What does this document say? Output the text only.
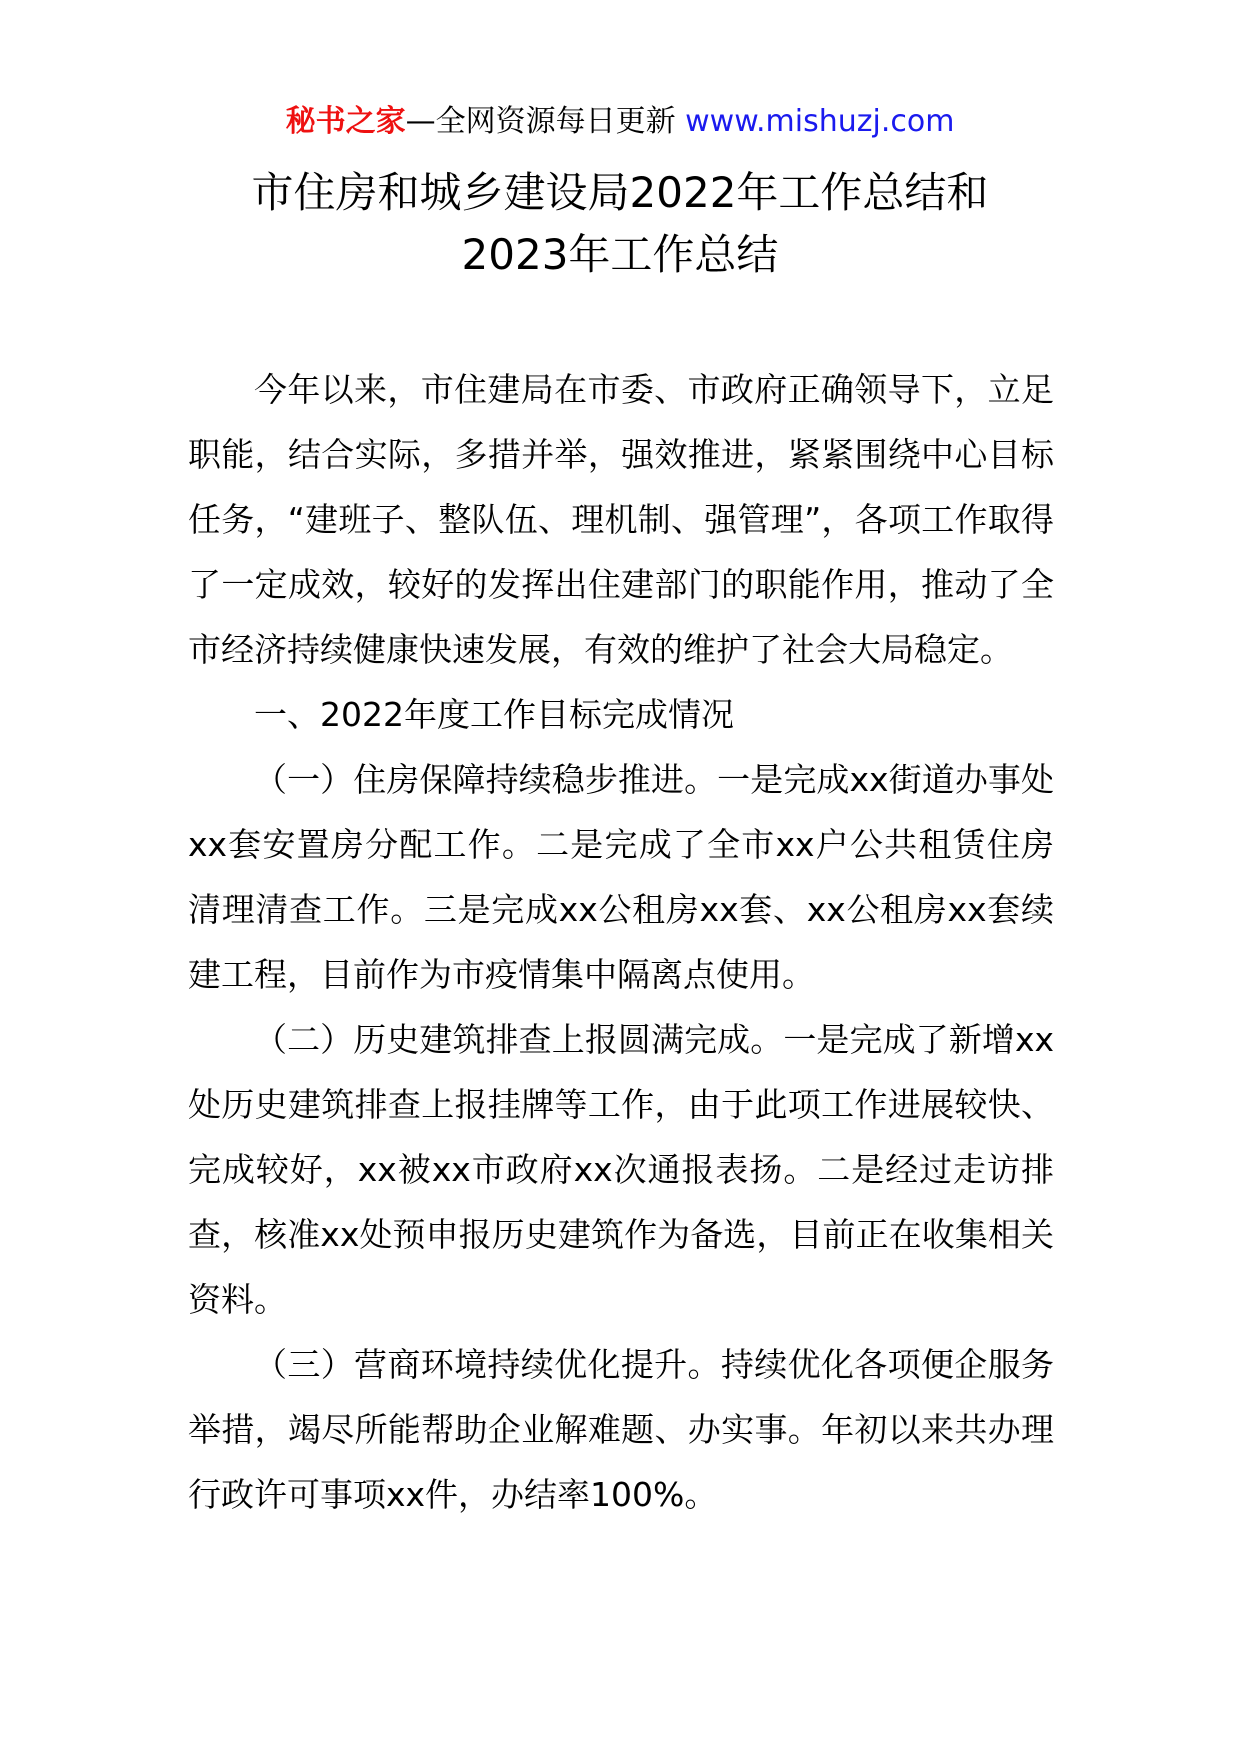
秘书之家—全网资源每日更新 www.mishuzj.com
市住房和城乡建设局2022年工作总结和
2023年工作总结

今年以来，市住建局在市委、市政府正确领导下，立足职能，结合实际，多措并举，强效推进，紧紧围绕中心目标任务，“建班子、整队伍、理机制、强管理”，各项工作取得了一定成效，较好的发挥出住建部门的职能作用，推动了全市经济持续健康快速发展，有效的维护了社会大局稳定。

一、2022年度工作目标完成情况

（一）住房保障持续稳步推进。一是完成xx街道办事处xx套安置房分配工作。二是完成了全市xx户公共租赁住房清理清查工作。三是完成xx公租房xx套、xx公租房xx套续建工程，目前作为市疫情集中隔离点使用。

（二）历史建筑排查上报圆满完成。一是完成了新增xx处历史建筑排查上报挂牌等工作，由于此项工作进展较快、完成较好，xx被xx市政府xx次通报表扬。二是经过走访排查，核准xx处预申报历史建筑作为备选，目前正在收集相关资料。

（三）营商环境持续优化提升。持续优化各项便企服务举措，竭尽所能帮助企业解难题、办实事。年初以来共办理行政许可事项xx件，办结率100%。
